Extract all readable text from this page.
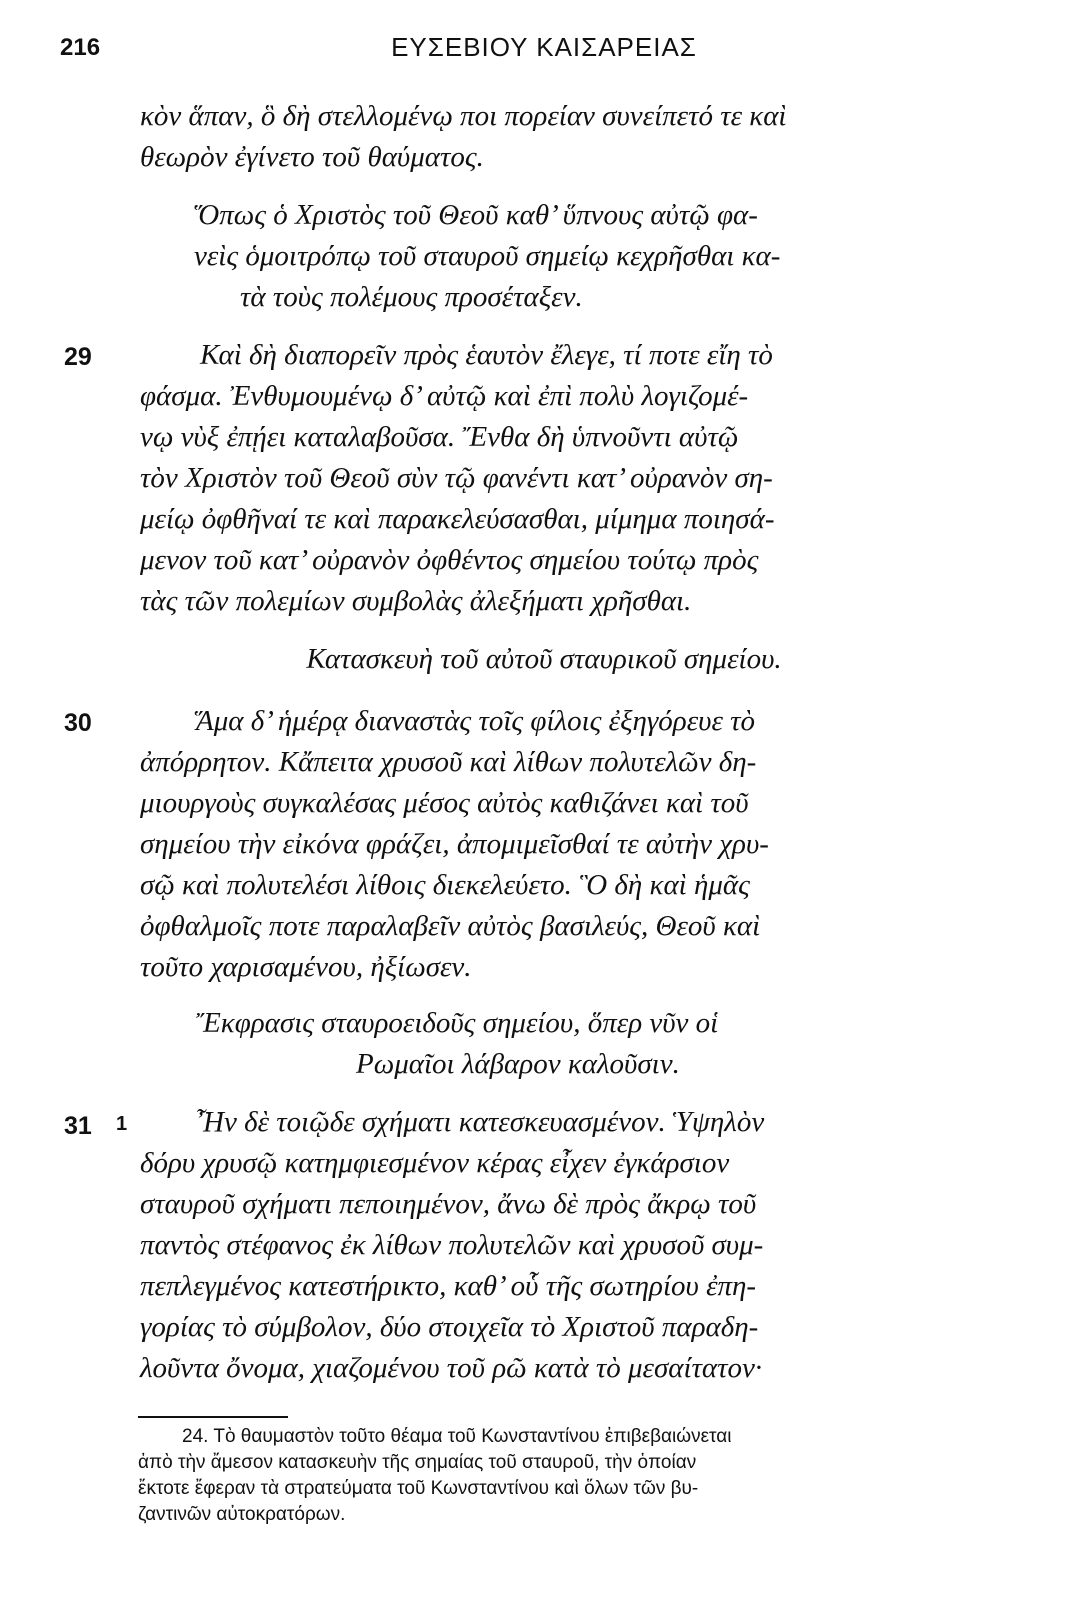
216	ΕΥΣΕΒΙΟΥ ΚΑΙΣΑΡΕΙΑΣ
κὸν ἅπαν, ὃ δὴ στελλομένῳ ποι πορείαν συνείπετό τε καὶ
θεωρὸν ἐγίνετο τοῦ θαύματος.
Ὅπως ὁ Χριστὸς τοῦ Θεοῦ καθ’ ὕπνους αὐτῷ φα-
νεὶς ὁμοιτρόπῳ τοῦ σταυροῦ σημείῳ κεχρῆσθαι κα-
τὰ τοὺς πολέμους προσέταξεν.
29	Καὶ δὴ διαπορεῖν πρὸς ἑαυτὸν ἔλεγε, τί ποτε εἴη τὸ
φάσμα. Ἐνθυμουμένῳ δ’ αὐτῷ καὶ ἐπὶ πολὺ λογιζομέ-
νῳ νὺξ ἐπῄει καταλαβοῦσα. Ἔνθα δὴ ὑπνοῦντι αὐτῷ
τὸν Χριστὸν τοῦ Θεοῦ σὺν τῷ φανέντι κατ’ οὐρανὸν ση-
μείῳ ὀφθῆναί τε καὶ παρακελεύσασθαι, μίμημα ποιησά-
μενον τοῦ κατ’ οὐρανὸν ὀφθέντος σημείου τούτῳ πρὸς
τὰς τῶν πολεμίων συμβολὰς ἀλεξήματι χρῆσθαι.
Κατασκευὴ τοῦ αὐτοῦ σταυρικοῦ σημείου.
30	Ἅμα δ’ ἡμέρᾳ διαναστὰς τοῖς φίλοις ἐξηγόρευε τὸ
ἀπόρρητον. Κἄπειτα χρυσοῦ καὶ λίθων πολυτελῶν δη-
μιουργοὺς συγκαλέσας μέσος αὐτὸς καθιζάνει καὶ τοῦ
σημείου τὴν εἰκόνα φράζει, ἀπομιμεῖσθαί τε αὐτὴν χρυ-
σῷ καὶ πολυτελέσι λίθοις διεκελεύετο. Ὃ δὴ καὶ ἡμᾶς
ὀφθαλμοῖς ποτε παραλαβεῖν αὐτὸς βασιλεύς, Θεοῦ καὶ
τοῦτο χαρισαμένου, ἠξίωσεν.
Ἔκφρασις σταυροειδοῦς σημείου, ὅπερ νῦν οἱ
Ρωμαῖοι λάβαρον καλοῦσιν.
31 1 Ἦν δὲ τοιῷδε σχήματι κατεσκευασμένον. Ὑψηλὸν
δόρυ χρυσῷ κατημφιεσμένον κέρας εἶχεν ἐγκάρσιον
σταυροῦ σχήματι πεποιημένον, ἄνω δὲ πρὸς ἄκρῳ τοῦ
παντὸς στέφανος ἐκ λίθων πολυτελῶν καὶ χρυσοῦ συμ-
πεπλεγμένος κατεστήρικτο, καθ’ οὗ τῆς σωτηρίου ἐπη-
γορίας τὸ σύμβολον, δύο στοιχεῖα τὸ Χριστοῦ παραδη-
λοῦντα ὄνομα, χιαζομένου τοῦ ρῶ κατὰ τὸ μεσαίτατον·
24. Τὸ θαυμαστὸν τοῦτο θέαμα τοῦ Κωνσταντίνου ἐπιβεβαιώνεται
ἀπὸ τὴν ἄμεσον κατασκευὴν τῆς σημαίας τοῦ σταυροῦ, τὴν ὁποίαν
ἔκτοτε ἔφεραν τὰ στρατεύματα τοῦ Κωνσταντίνου καὶ ὅλων τῶν βυ-
ζαντινῶν αὐτοκρατόρων.
